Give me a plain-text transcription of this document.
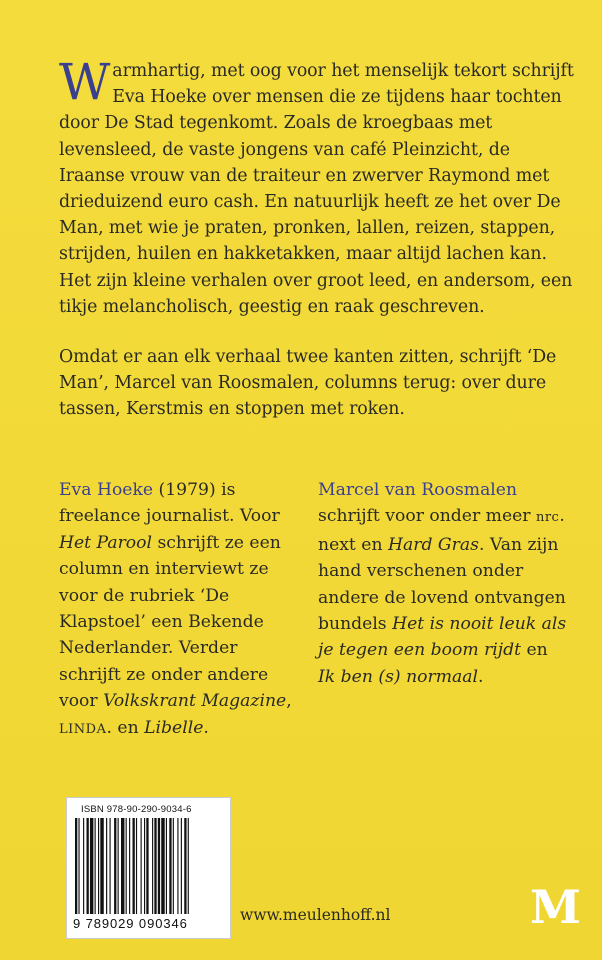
Warmhartig, met oog voor het menselijk tekort schrijft Eva Hoeke over mensen die ze tijdens haar tochten door De Stad tegenkomt. Zoals de kroegbaas met levensleed, de vaste jongens van café Pleinzicht, de Iraanse vrouw van de traiteur en zwerver Raymond met drieduizend euro cash. En natuurlijk heeft ze het over De Man, met wie je praten, pronken, lallen, reizen, stappen, strijden, huilen en hakketakken, maar altijd lachen kan.
Het zijn kleine verhalen over groot leed, en andersom, een tikje melancholisch, geestig en raak geschreven.

Omdat er aan elk verhaal twee kanten zitten, schrijft ‘De Man’, Marcel van Roosmalen, columns terug: over dure tassen, Kerstmis en stoppen met roken.

Eva Hoeke (1979) is freelance journalist. Voor Het Parool schrijft ze een column en interviewt ze voor de rubriek ‘De Klapstoel’ een Bekende Nederlander. Verder schrijft ze onder andere voor Volkskrant Magazine, LINDA. en Libelle.
Marcel van Roosmalen schrijft voor onder meer nrc. next en Hard Gras. Van zijn hand verschenen onder andere de lovend ontvangen bundels Het is nooit leuk als je tegen een boom rijdt en Ik ben (s) normaal.
ISBN 978-90-290-9034-6
9 789029 090346	www.meulenhoff.nl	M
